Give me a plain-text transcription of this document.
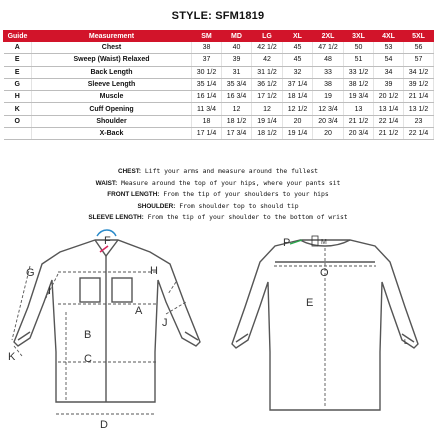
STYLE: SFM1819
Guide	Measurement	SM	MD	LG	XL	2XL	3XL	4XL	5XL
A	Chest	38	40	42 1/2	45	47 1/2	50	53	56
E	Sweep (Waist) Relaxed	37	39	42	45	48	51	54	57
E	Back Length	30 1/2	31	31 1/2	32	33	33 1/2	34	34 1/2
G	Sleeve Length	35 1/4	35 3/4	36 1/2	37 1/4	38	38 1/2	39	39 1/2
H	Muscle	16 1/4	16 3/4	17 1/2	18 1/4	19	19 3/4	20 1/2	21 1/4
K	Cuff Opening	11 3/4	12	12	12 1/2	12 3/4	13	13 1/4	13 1/2
O	Shoulder	18	18 1/2	19 1/4	20	20 3/4	21 1/2	22 1/4	23
	X-Back	17 1/4	17 3/4	18 1/2	19 1/4	20	20 3/4	21 1/2	22 1/4
CHEST: Lift your arms and measure around the fullest
WAIST: Measure around the top of your hips, where your pants sit
FRONT LENGTH: From the tip of your shoulders to your hips
SHOULDER: From shoulder top to should tip
SLEEVE LENGTH: From the tip of your shoulder to the bottom of wrist
F
G	H
I
A
B
C
J
D
K
P	M
O
E
L
